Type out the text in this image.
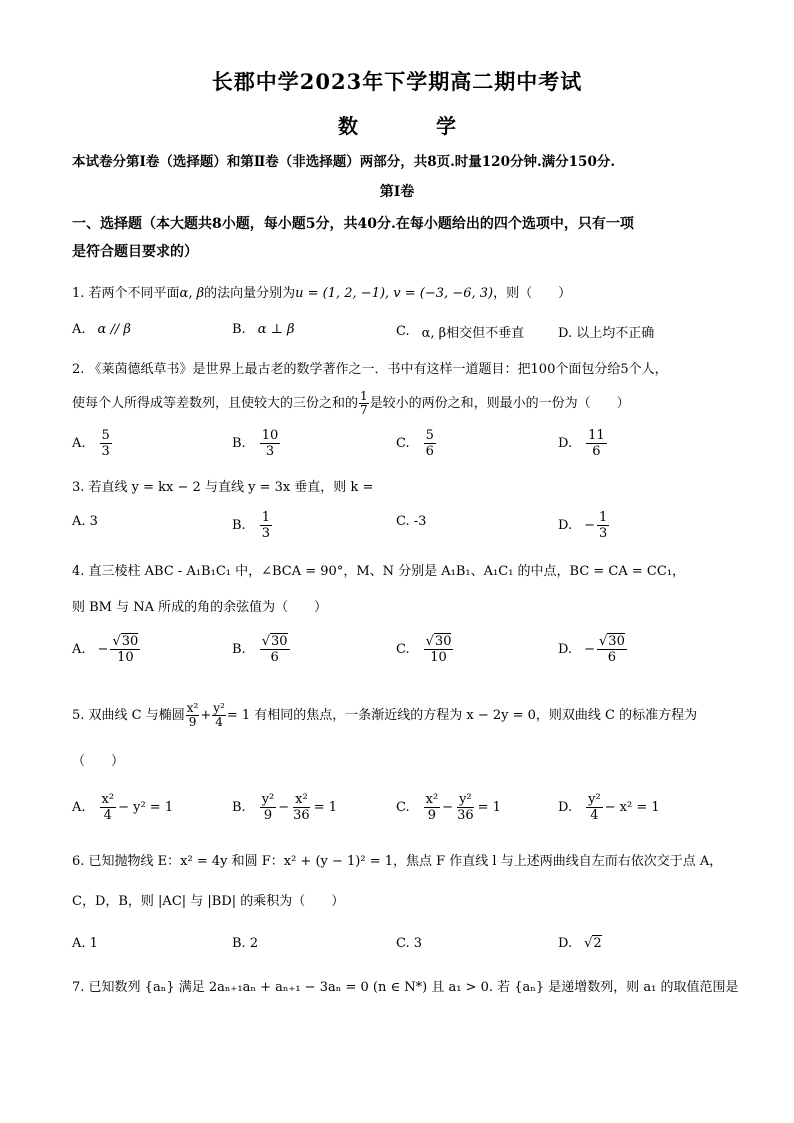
长郡中学2023年下学期高二期中考试
数学
本试卷分第Ⅰ卷（选择题）和第Ⅱ卷（非选择题）两部分，共8页.时量120分钟.满分150分.
第Ⅰ卷
一、选择题（本大题共8小题，每小题5分，共40分.在每小题给出的四个选项中，只有一项
是符合题目要求的）
1. 若两个不同平面α, β的法向量分别为u = (1, 2, −1), v = (−3, −6, 3)，则（　　）
A. α // β	B. α ⊥ β	C. α, β相交但不垂直	D. 以上均不正确
2. 《莱茵德纸草书》是世界上最古老的数学著作之一．书中有这样一道题目：把100个面包分给5个人，
使每个人所得成等差数列，且使较大的三份之和的 $\frac{1}{7}$ 是较小的两份之和，则最小的一份为（　　）
A. $\frac{5}{3}$	B. $\frac{10}{3}$	C. $\frac{5}{6}$	D. $\frac{11}{6}$
3. 若直线 y = kx − 2 与直线 y = 3x 垂直，则 k =
A. 3	B. $\frac{1}{3}$	C. -3	D. − $\frac{1}{3}$
4. 直三棱柱 ABC - A₁B₁C₁ 中，∠BCA = 90°，M、N 分别是 A₁B₁、A₁C₁ 的中点，BC = CA = CC₁，
则 BM 与 NA 所成的角的余弦值为（　　）
A. − $\frac{√30}{10}$	B. $\frac{√30}{6}$	C. $\frac{√30}{10}$	D. − $\frac{√30}{6}$
5. 双曲线 C 与椭圆 $\frac{\text{x²}}{9} + \frac{\text{y²}}{4} = 1$ 有相同的焦点，一条渐近线的方程为 x − 2y = 0，则双曲线 C 的标准方程为
（　　）
A. $\frac{\text{x²}}{4} - y^2 = 1$	B. $\frac{\text{y²}}{9} - \frac{\text{x²}}{36} = 1$	C. $\frac{\text{x²}}{9} - \frac{\text{y²}}{36} = 1$	D. $\frac{\text{y²}}{4} - x^2 = 1$
6. 已知抛物线 E：x² = 4y 和圆 F：x² + (y − 1)² = 1，焦点 F 作直线 l 与上述两曲线自左而右依次交于点 A，
C，D，B，则 |AC| 与 |BD| 的乘积为（　　）
A. 1	B. 2	C. 3	D. √2
7. 已知数列 {aₙ} 满足 2aₙ₊₁aₙ + aₙ₊₁ − 3aₙ = 0 (n ∈ N*) 且 a₁ > 0. 若 {aₙ} 是递增数列，则 a₁ 的取值范围是
